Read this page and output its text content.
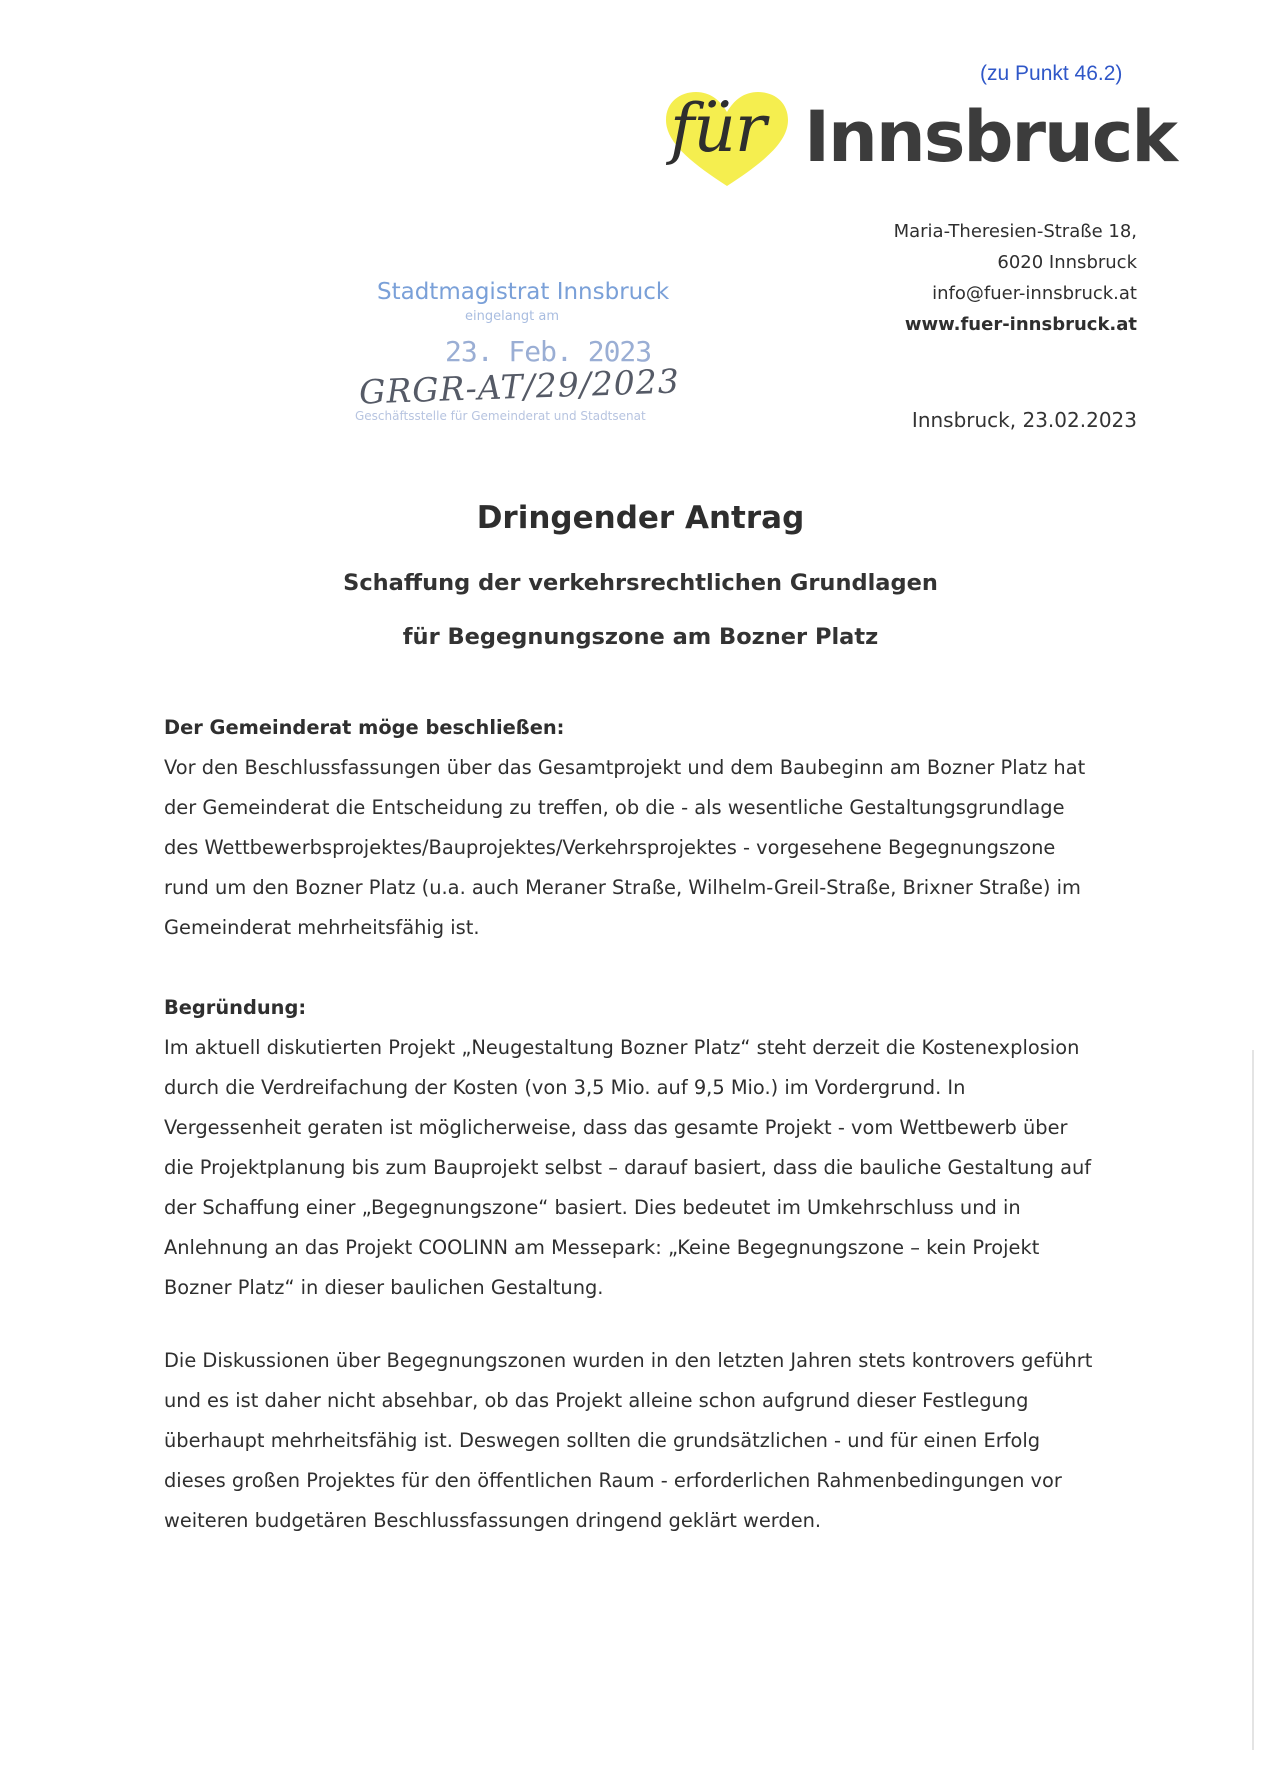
(zu Punkt 46.2)
für Innsbruck
Maria-Theresien-Straße 18,
6020 Innsbruck
info@fuer-innsbruck.at
www.fuer-innsbruck.at
Stadtmagistrat Innsbruck
eingelangt am
23. Feb. 2023
GRGR-AT/29/2023
Geschäftsstelle für Gemeinderat und Stadtsenat	Innsbruck, 23.02.2023
Dringender Antrag
Schaffung der verkehrsrechtlichen Grundlagen
für Begegnungszone am Bozner Platz
Der Gemeinderat möge beschließen:
Vor den Beschlussfassungen über das Gesamtprojekt und dem Baubeginn am Bozner Platz hat
der Gemeinderat die Entscheidung zu treffen, ob die - als wesentliche Gestaltungsgrundlage
des Wettbewerbsprojektes/Bauprojektes/Verkehrsprojektes - vorgesehene Begegnungszone
rund um den Bozner Platz (u.a. auch Meraner Straße, Wilhelm-Greil-Straße, Brixner Straße) im
Gemeinderat mehrheitsfähig ist.
Begründung:
Im aktuell diskutierten Projekt „Neugestaltung Bozner Platz“ steht derzeit die Kostenexplosion
durch die Verdreifachung der Kosten (von 3,5 Mio. auf 9,5 Mio.) im Vordergrund. In
Vergessenheit geraten ist möglicherweise, dass das gesamte Projekt - vom Wettbewerb über
die Projektplanung bis zum Bauprojekt selbst – darauf basiert, dass die bauliche Gestaltung auf
der Schaffung einer „Begegnungszone“ basiert. Dies bedeutet im Umkehrschluss und in
Anlehnung an das Projekt COOLINN am Messepark: „Keine Begegnungszone – kein Projekt
Bozner Platz“ in dieser baulichen Gestaltung.
Die Diskussionen über Begegnungszonen wurden in den letzten Jahren stets kontrovers geführt
und es ist daher nicht absehbar, ob das Projekt alleine schon aufgrund dieser Festlegung
überhaupt mehrheitsfähig ist. Deswegen sollten die grundsätzlichen - und für einen Erfolg
dieses großen Projektes für den öffentlichen Raum - erforderlichen Rahmenbedingungen vor
weiteren budgetären Beschlussfassungen dringend geklärt werden.
